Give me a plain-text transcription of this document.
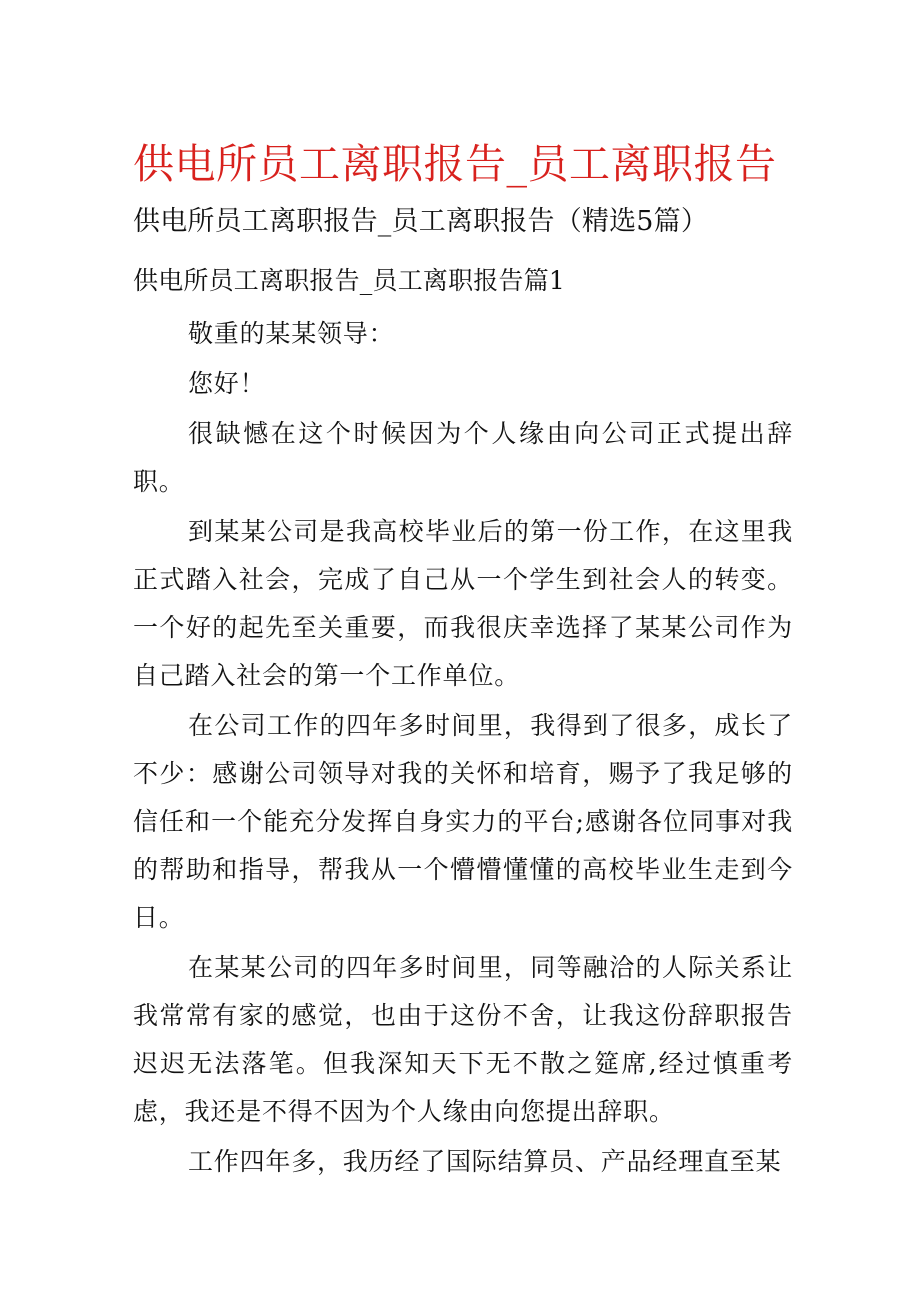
供电所员工离职报告_员工离职报告供电所员工离职报告_员工离职报告（精选5篇）

供电所员工离职报告_员工离职报告篇1

敬重的某某领导：

您好！

很缺憾在这个时候因为个人缘由向公司正式提出辞职。

到某某公司是我高校毕业后的第一份工作，在这里我正式踏入社会，完成了自己从一个学生到社会人的转变。一个好的起先至关重要，而我很庆幸选择了某某公司作为自己踏入社会的第一个工作单位。

在公司工作的四年多时间里，我得到了很多，成长了不少：感谢公司领导对我的关怀和培育，赐予了我足够的信任和一个能充分发挥自身实力的平台;感谢各位同事对我的帮助和指导，帮我从一个懵懵懂懂的高校毕业生走到今日。

在某某公司的四年多时间里，同等融洽的人际关系让我常常有家的感觉，也由于这份不舍，让我这份辞职报告迟迟无法落笔。但我深知天下无不散之筵席,经过慎重考虑，我还是不得不因为个人缘由向您提出辞职。

工作四年多，我历经了国际结算员、产品经理直至某
